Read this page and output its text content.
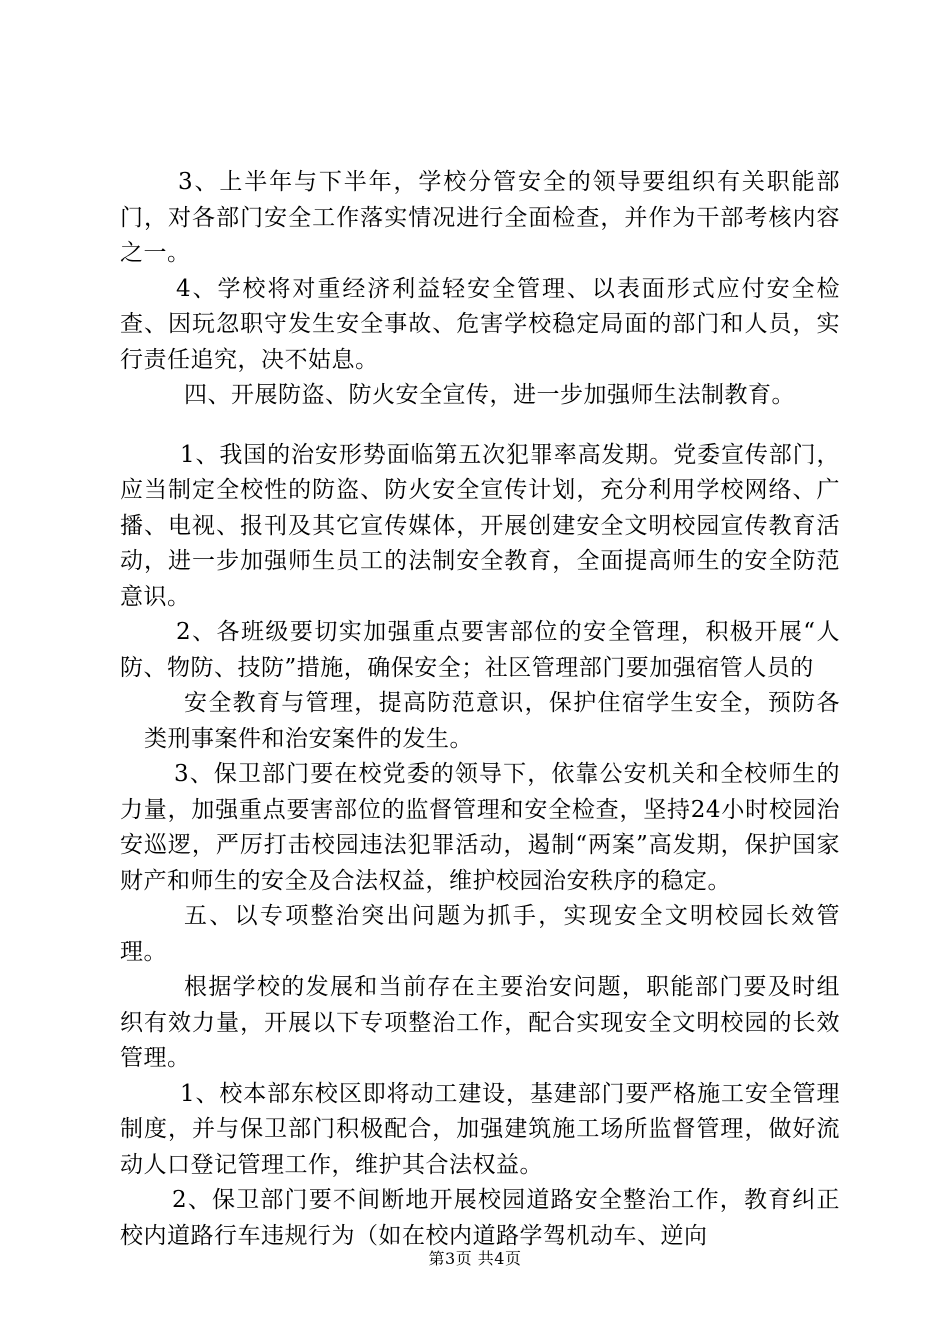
3、上半年与下半年，学校分管安全的领导要组织有关职能部门，对各部门安全工作落实情况进行全面检查，并作为干部考核内容之一。

4、学校将对重经济利益轻安全管理、以表面形式应付安全检查、因玩忽职守发生安全事故、危害学校稳定局面的部门和人员，实行责任追究，决不姑息。

四、开展防盗、防火安全宣传，进一步加强师生法制教育。

1、我国的治安形势面临第五次犯罪率高发期。党委宣传部门，应当制定全校性的防盗、防火安全宣传计划，充分利用学校网络、广播、电视、报刊及其它宣传媒体，开展创建安全文明校园宣传教育活动，进一步加强师生员工的法制安全教育，全面提高师生的安全防范意识。

2、各班级要切实加强重点要害部位的安全管理，积极开展“人防、物防、技防”措施，确保安全；社区管理部门要加强宿管人员的

安全教育与管理，提高防范意识，保护住宿学生安全，预防各类刑事案件和治安案件的发生。

3、保卫部门要在校党委的领导下，依靠公安机关和全校师生的力量，加强重点要害部位的监督管理和安全检查，坚持24小时校园治安巡逻，严厉打击校园违法犯罪活动，遏制“两案”高发期，保护国家财产和师生的安全及合法权益，维护校园治安秩序的稳定。

五、以专项整治突出问题为抓手，实现安全文明校园长效管理。

根据学校的发展和当前存在主要治安问题，职能部门要及时组织有效力量，开展以下专项整治工作，配合实现安全文明校园的长效管理。

1、校本部东校区即将动工建设，基建部门要严格施工安全管理制度，并与保卫部门积极配合，加强建筑施工场所监督管理，做好流动人口登记管理工作，维护其合法权益。

2、保卫部门要不间断地开展校园道路安全整治工作，教育纠正校内道路行车违规行为（如在校内道路学驾机动车、逆向

第3页 共4页
